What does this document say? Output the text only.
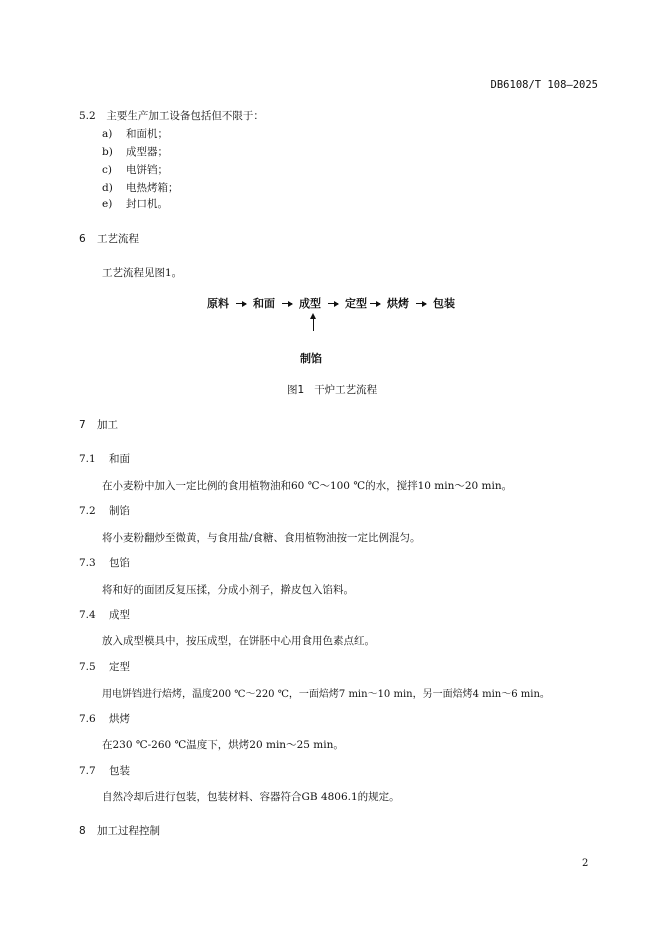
DB6108/T 108—2025
5.2 主要生产加工设备包括但不限于：
a) 和面机；
b) 成型器；
c) 电饼铛；
d) 电热烤箱；
e) 封口机。
6 工艺流程
工艺流程见图1。
原料 和面 成型 定型 烘烤 包装
制馅
图1 干炉工艺流程
7 加工
7.1 和面
在小麦粉中加入一定比例的食用植物油和60 ℃～100 ℃的水，搅拌10 min～20 min。
7.2 制馅
将小麦粉翻炒至微黄，与食用盐/食糖、食用植物油按一定比例混匀。
7.3 包馅
将和好的面团反复压揉，分成小剂子，擀皮包入馅料。
7.4 成型
放入成型模具中，按压成型，在饼胚中心用食用色素点红。
7.5 定型
用电饼铛进行焙烤，温度200 ℃～220 ℃，一面焙烤7 min～10 min，另一面焙烤4 min～6 min。
7.6 烘烤
在230 ℃-260 ℃温度下，烘烤20 min～25 min。
7.7 包装
自然冷却后进行包装，包装材料、容器符合GB 4806.1的规定。
8 加工过程控制
2
